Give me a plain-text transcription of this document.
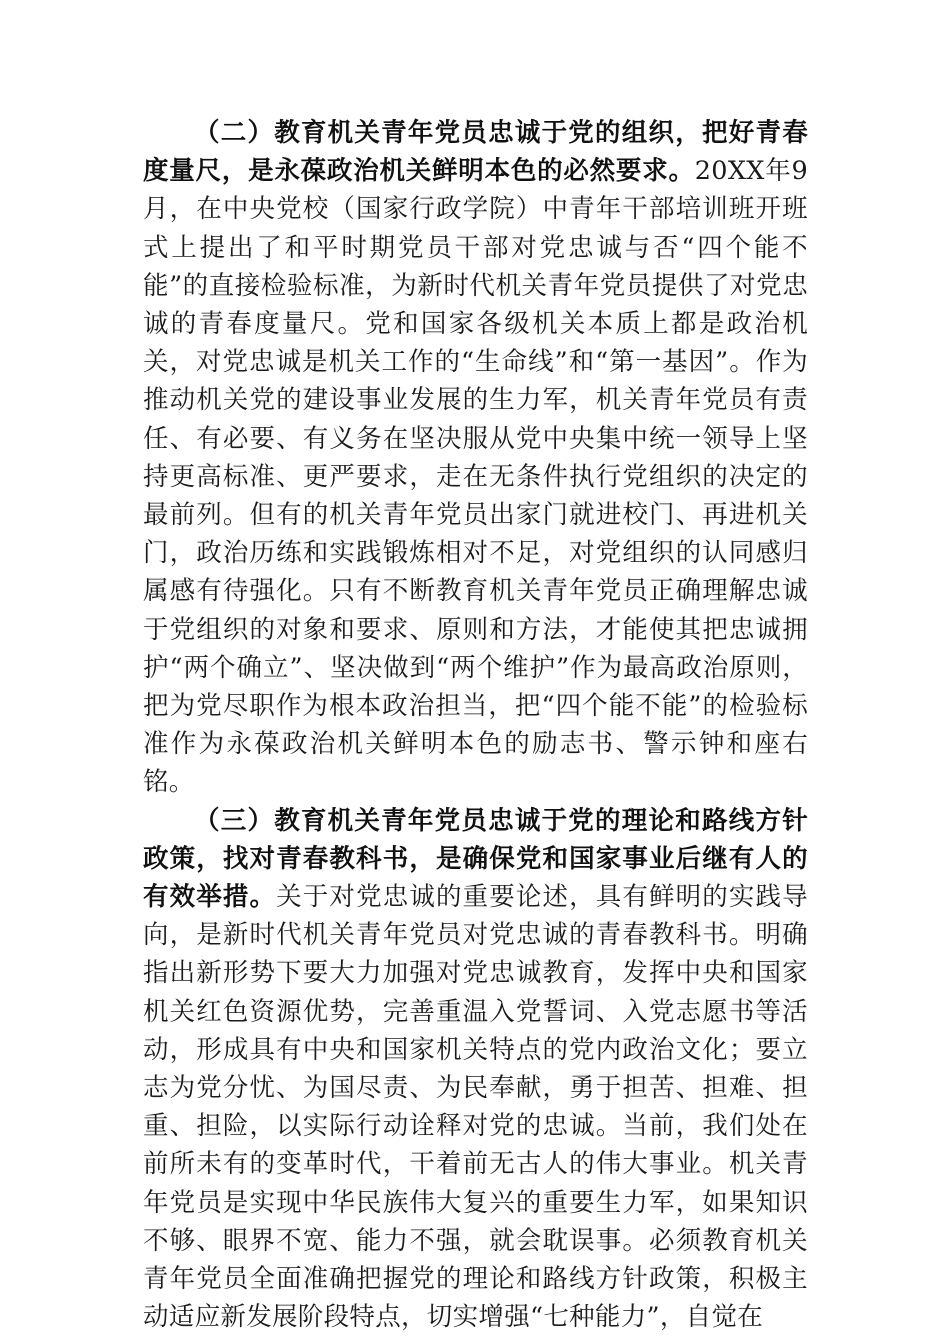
（二）教育机关青年党员忠诚于党的组织，把好青春度量尺，是永葆政治机关鲜明本色的必然要求。20XX年9月，在中央党校（国家行政学院）中青年干部培训班开班式上提出了和平时期党员干部对党忠诚与否“四个能不能”的直接检验标准，为新时代机关青年党员提供了对党忠诚的青春度量尺。党和国家各级机关本质上都是政治机关，对党忠诚是机关工作的“生命线”和“第一基因”。作为推动机关党的建设事业发展的生力军，机关青年党员有责任、有必要、有义务在坚决服从党中央集中统一领导上坚持更高标准、更严要求，走在无条件执行党组织的决定的最前列。但有的机关青年党员出家门就进校门、再进机关门，政治历练和实践锻炼相对不足，对党组织的认同感归属感有待强化。只有不断教育机关青年党员正确理解忠诚于党组织的对象和要求、原则和方法，才能使其把忠诚拥护“两个确立”、坚决做到“两个维护”作为最高政治原则，把为党尽职作为根本政治担当，把“四个能不能”的检验标准作为永葆政治机关鲜明本色的励志书、警示钟和座右铭。

（三）教育机关青年党员忠诚于党的理论和路线方针政策，找对青春教科书，是确保党和国家事业后继有人的有效举措。关于对党忠诚的重要论述，具有鲜明的实践导向，是新时代机关青年党员对党忠诚的青春教科书。明确指出新形势下要大力加强对党忠诚教育，发挥中央和国家机关红色资源优势，完善重温入党誓词、入党志愿书等活动，形成具有中央和国家机关特点的党内政治文化；要立志为党分忧、为国尽责、为民奉献，勇于担苦、担难、担重、担险，以实际行动诠释对党的忠诚。当前，我们处在前所未有的变革时代，干着前无古人的伟大事业。机关青年党员是实现中华民族伟大复兴的重要生力军，如果知识不够、眼界不宽、能力不强，就会耽误事。必须教育机关青年党员全面准确把握党的理论和路线方针政策，积极主动适应新发展阶段特点，切实增强“七种能力”，自觉在
